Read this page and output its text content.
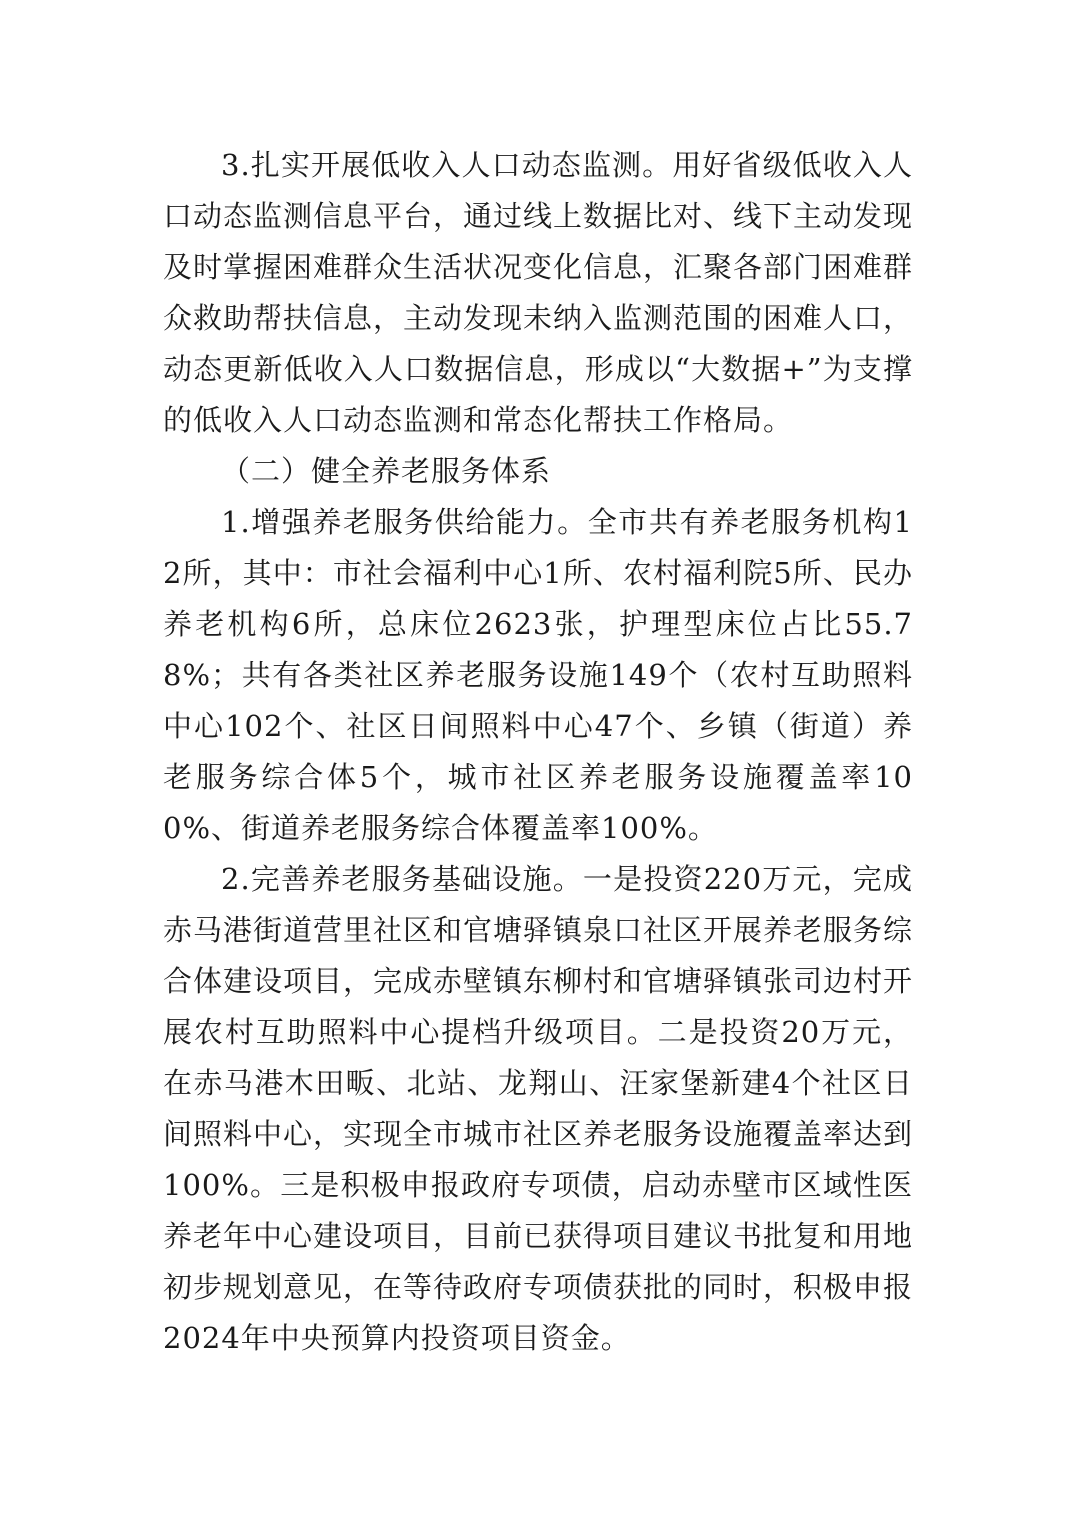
3.扎实开展低收入人口动态监测。用好省级低收入人口动态监测信息平台，通过线上数据比对、线下主动发现及时掌握困难群众生活状况变化信息，汇聚各部门困难群众救助帮扶信息，主动发现未纳入监测范围的困难人口，动态更新低收入人口数据信息，形成以“大数据+”为支撑的低收入人口动态监测和常态化帮扶工作格局。

（二）健全养老服务体系

1.增强养老服务供给能力。全市共有养老服务机构12所，其中：市社会福利中心1所、农村福利院5所、民办养老机构6所，总床位2623张，护理型床位占比55.78%；共有各类社区养老服务设施149个（农村互助照料中心102个、社区日间照料中心47个、乡镇（街道）养老服务综合体5个，城市社区养老服务设施覆盖率100%、街道养老服务综合体覆盖率100%。

2.完善养老服务基础设施。一是投资220万元，完成赤马港街道营里社区和官塘驿镇泉口社区开展养老服务综合体建设项目，完成赤壁镇东柳村和官塘驿镇张司边村开展农村互助照料中心提档升级项目。二是投资20万元，在赤马港木田畈、北站、龙翔山、汪家堡新建4个社区日间照料中心，实现全市城市社区养老服务设施覆盖率达到100%。三是积极申报政府专项债，启动赤壁市区域性医养老年中心建设项目，目前已获得项目建议书批复和用地初步规划意见，在等待政府专项债获批的同时，积极申报2024年中央预算内投资项目资金。
